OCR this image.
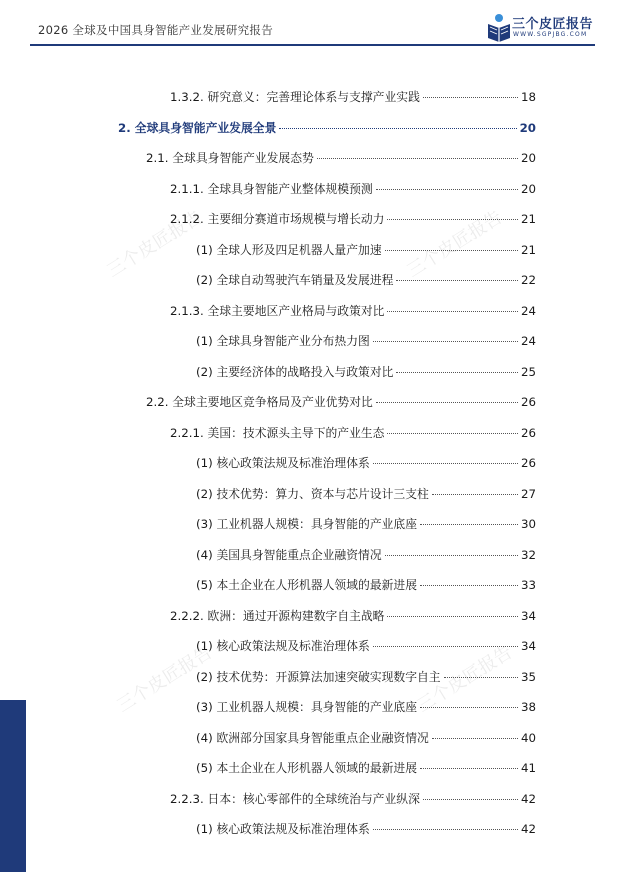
2026 全球及中国具身智能产业发展研究报告	三个皮匠报告
WWW.SGPJBG.COM
三个皮匠报告	三个皮匠报告
三个皮匠报告	三个皮匠报告
1.3.2. 研究意义：完善理论体系与支撑产业实践	18
2. 全球具身智能产业发展全景	20
2.1. 全球具身智能产业发展态势	20
2.1.1. 全球具身智能产业整体规模预测	20
2.1.2. 主要细分赛道市场规模与增长动力	21
(1) 全球人形及四足机器人量产加速	21
(2) 全球自动驾驶汽车销量及发展进程	22
2.1.3. 全球主要地区产业格局与政策对比	24
(1) 全球具身智能产业分布热力图	24
(2) 主要经济体的战略投入与政策对比	25
2.2. 全球主要地区竞争格局及产业优势对比	26
2.2.1. 美国：技术源头主导下的产业生态	26
(1) 核心政策法规及标准治理体系	26
(2) 技术优势：算力、资本与芯片设计三支柱	27
(3) 工业机器人规模：具身智能的产业底座	30
(4) 美国具身智能重点企业融资情况	32
(5) 本土企业在人形机器人领域的最新进展	33
2.2.2. 欧洲：通过开源构建数字自主战略	34
(1) 核心政策法规及标准治理体系	34
(2) 技术优势：开源算法加速突破实现数字自主	35
(3) 工业机器人规模：具身智能的产业底座	38
(4) 欧洲部分国家具身智能重点企业融资情况	40
(5) 本土企业在人形机器人领域的最新进展	41
2.2.3. 日本：核心零部件的全球统治与产业纵深	42
(1) 核心政策法规及标准治理体系	42
